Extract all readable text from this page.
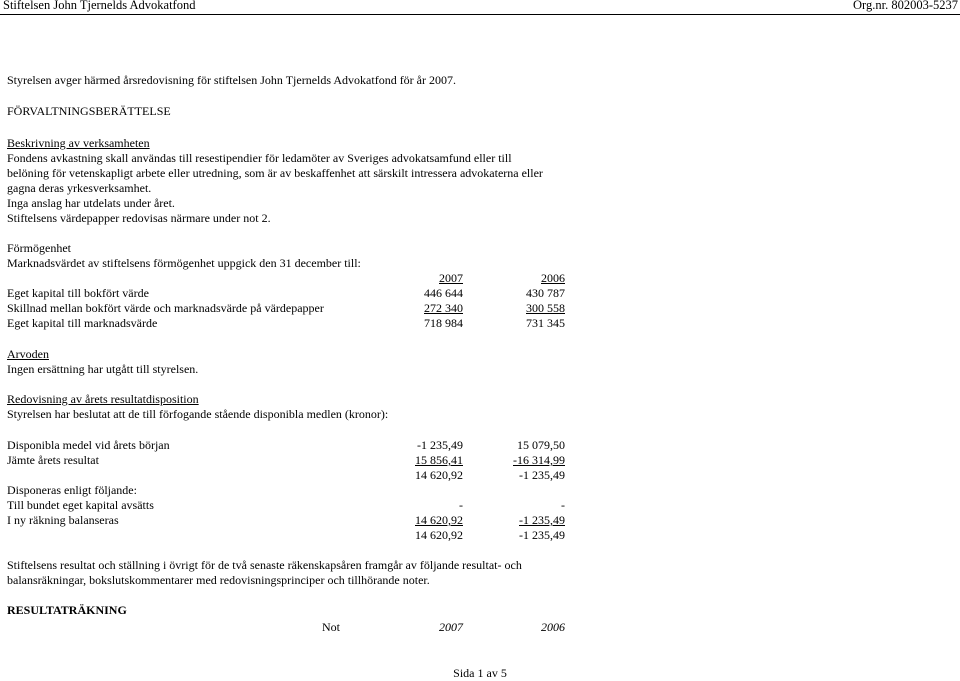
Stiftelsen John Tjernelds Advokatfond	Org.nr. 802003-5237
Styrelsen avger härmed årsredovisning för stiftelsen John Tjernelds Advokatfond för år 2007.
FÖRVALTNINGSBERÄTTELSE
Beskrivning av verksamheten
Fondens avkastning skall användas till resestipendier för ledamöter av Sveriges advokatsamfund eller till
belöning för vetenskapligt arbete eller utredning, som är av beskaffenhet att särskilt intressera advokaterna eller
gagna deras yrkesverksamhet.
Inga anslag har utdelats under året.
Stiftelsens värdepapper redovisas närmare under not 2.
Förmögenhet
Marknadsvärdet av stiftelsens förmögenhet uppgick den 31 december till:
2007	2006
Eget kapital till bokfört värde	446 644	430 787
Skillnad mellan bokfört värde och marknadsvärde på värdepapper	272 340	300 558
Eget kapital till marknadsvärde	718 984	731 345
Arvoden
Ingen ersättning har utgått till styrelsen.
Redovisning av årets resultatdisposition
Styrelsen har beslutat att de till förfogande stående disponibla medlen (kronor):
Disponibla medel vid årets början	-1 235,49	15 079,50
Jämte årets resultat	15 856,41	-16 314,99
14 620,92	-1 235,49
Disponeras enligt följande:
Till bundet eget kapital avsätts	-	-
I ny räkning balanseras	14 620,92	-1 235,49
14 620,92	-1 235,49
Stiftelsens resultat och ställning i övrigt för de två senaste räkenskapsåren framgår av följande resultat- och
balansräkningar, bokslutskommentarer med redovisningsprinciper och tillhörande noter.
RESULTATRÄKNING
Not	2007	2006
Sida 1 av 5
